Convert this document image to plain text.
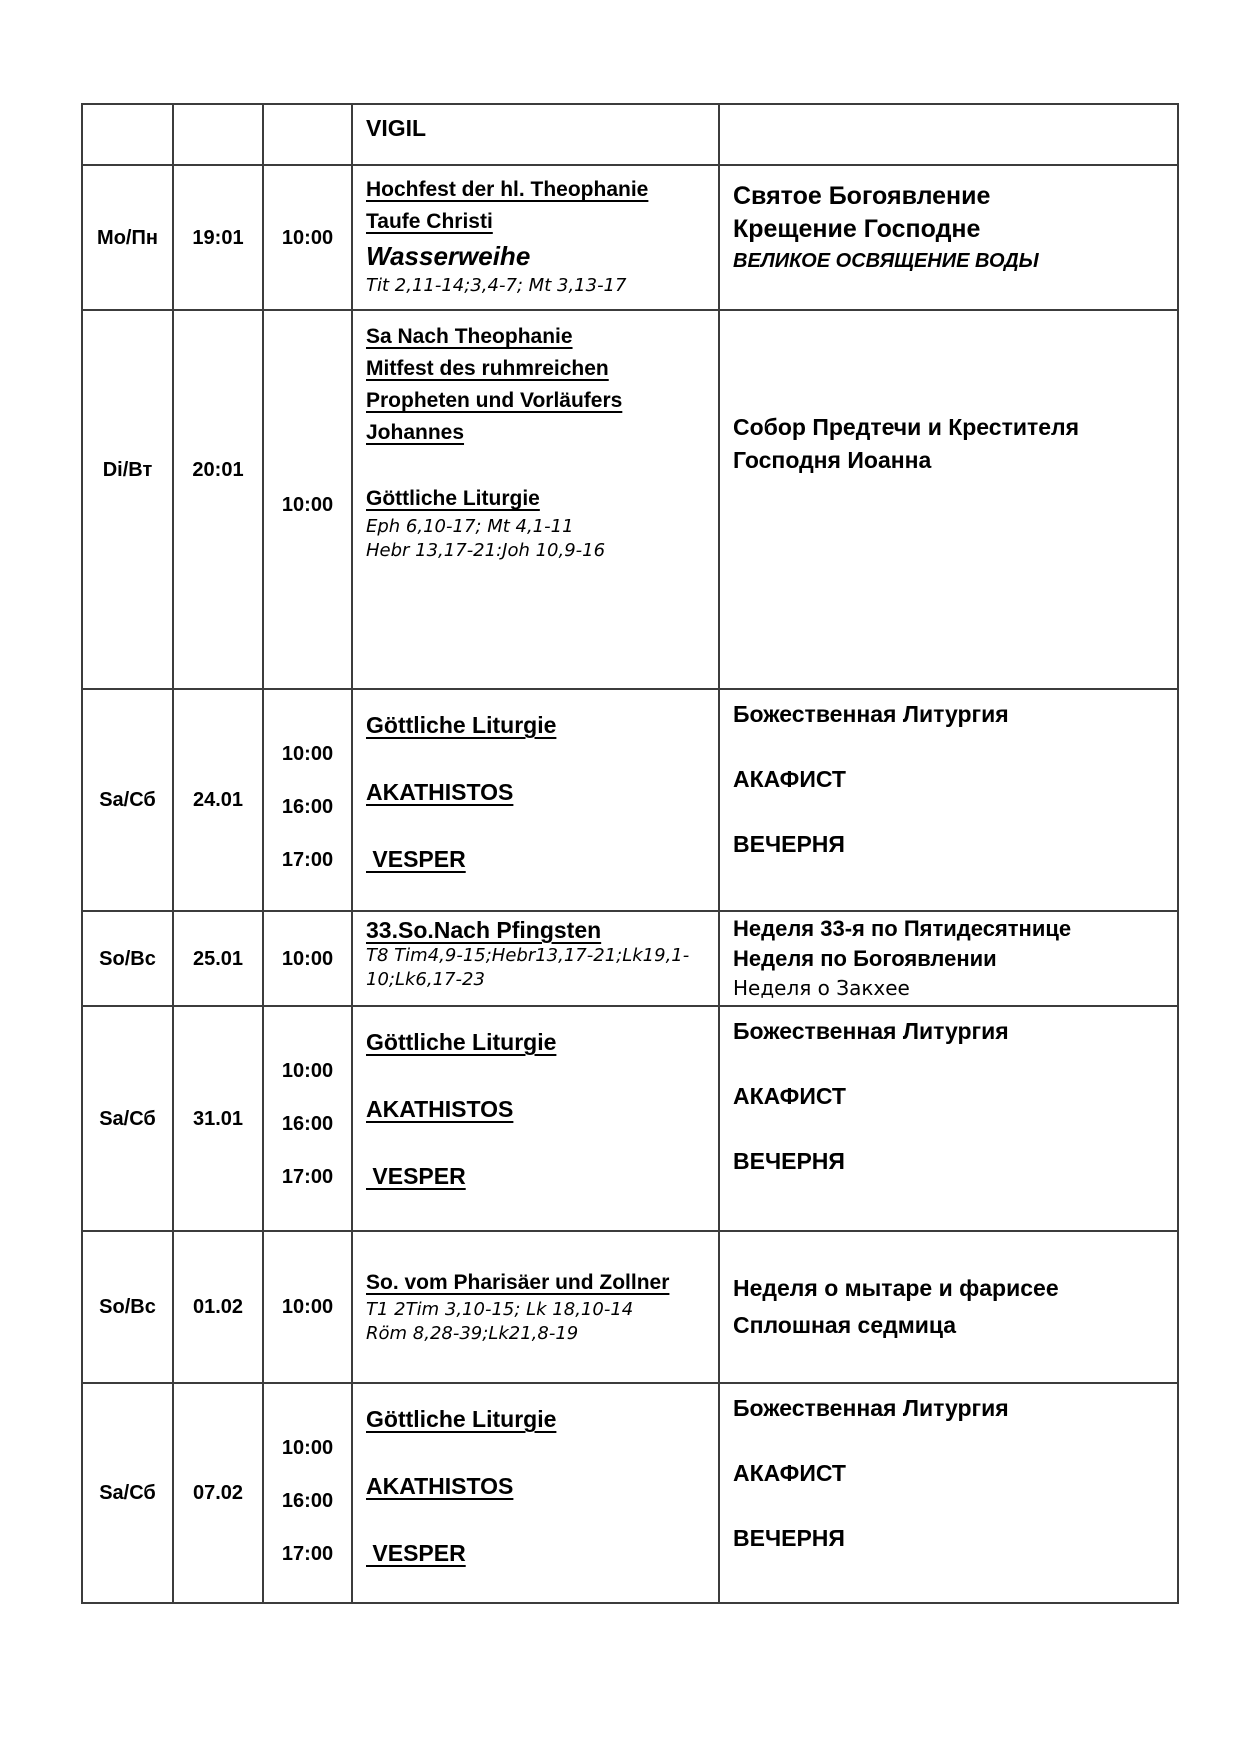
VIGIL
Mo/Пн 19:01 10:00
Hochfest der hl. Theophanie
Taufe Christi
Wasserweihe
Tit 2,11-14;3,4-7; Mt 3,13-17
Святое Богоявление
Крещение Господне
ВЕЛИКОЕ ОСВЯЩЕНИЕ ВОДЫ
Di/Вт 20:01
10:00
Sa Nach Theophanie
Mitfest des ruhmreichen Propheten und Vorläufers Johannes
Göttliche Liturgie
Eph 6,10-17; Mt 4,1-11
Hebr 13,17-21:Joh 10,9-16
Собор Предтечи и Крестителя Господня Иоанна
Sa/Сб 24.01
10:00
16:00
17:00
Göttliche Liturgie
AKATHISTOS
VESPER
Божественная Литургия
АКАФИСТ
ВЕЧЕРНЯ
So/Вс 25.01 10:00
33.So.Nach Pfingsten
T8 Tim4,9-15;Hebr13,17-21;Lk19,1-10;Lk6,17-23
Неделя 33-я по Пятидесятнице
Неделя по Богоявлении
Неделя о Закхее
Sa/Сб 31.01
10:00
16:00
17:00
Göttliche Liturgie
AKATHISTOS
VESPER
Божественная Литургия
АКАФИСТ
ВЕЧЕРНЯ
So/Вс 01.02 10:00
So. vom Pharisäer und Zollner
T1 2Tim 3,10-15; Lk 18,10-14
Röm 8,28-39;Lk21,8-19
Неделя о мытаре и фарисее
Сплошная седмица
Sa/Сб 07.02
10:00
16:00
17:00
Göttliche Liturgie
AKATHISTOS
VESPER
Божественная Литургия
АКАФИСТ
ВЕЧЕРНЯ
